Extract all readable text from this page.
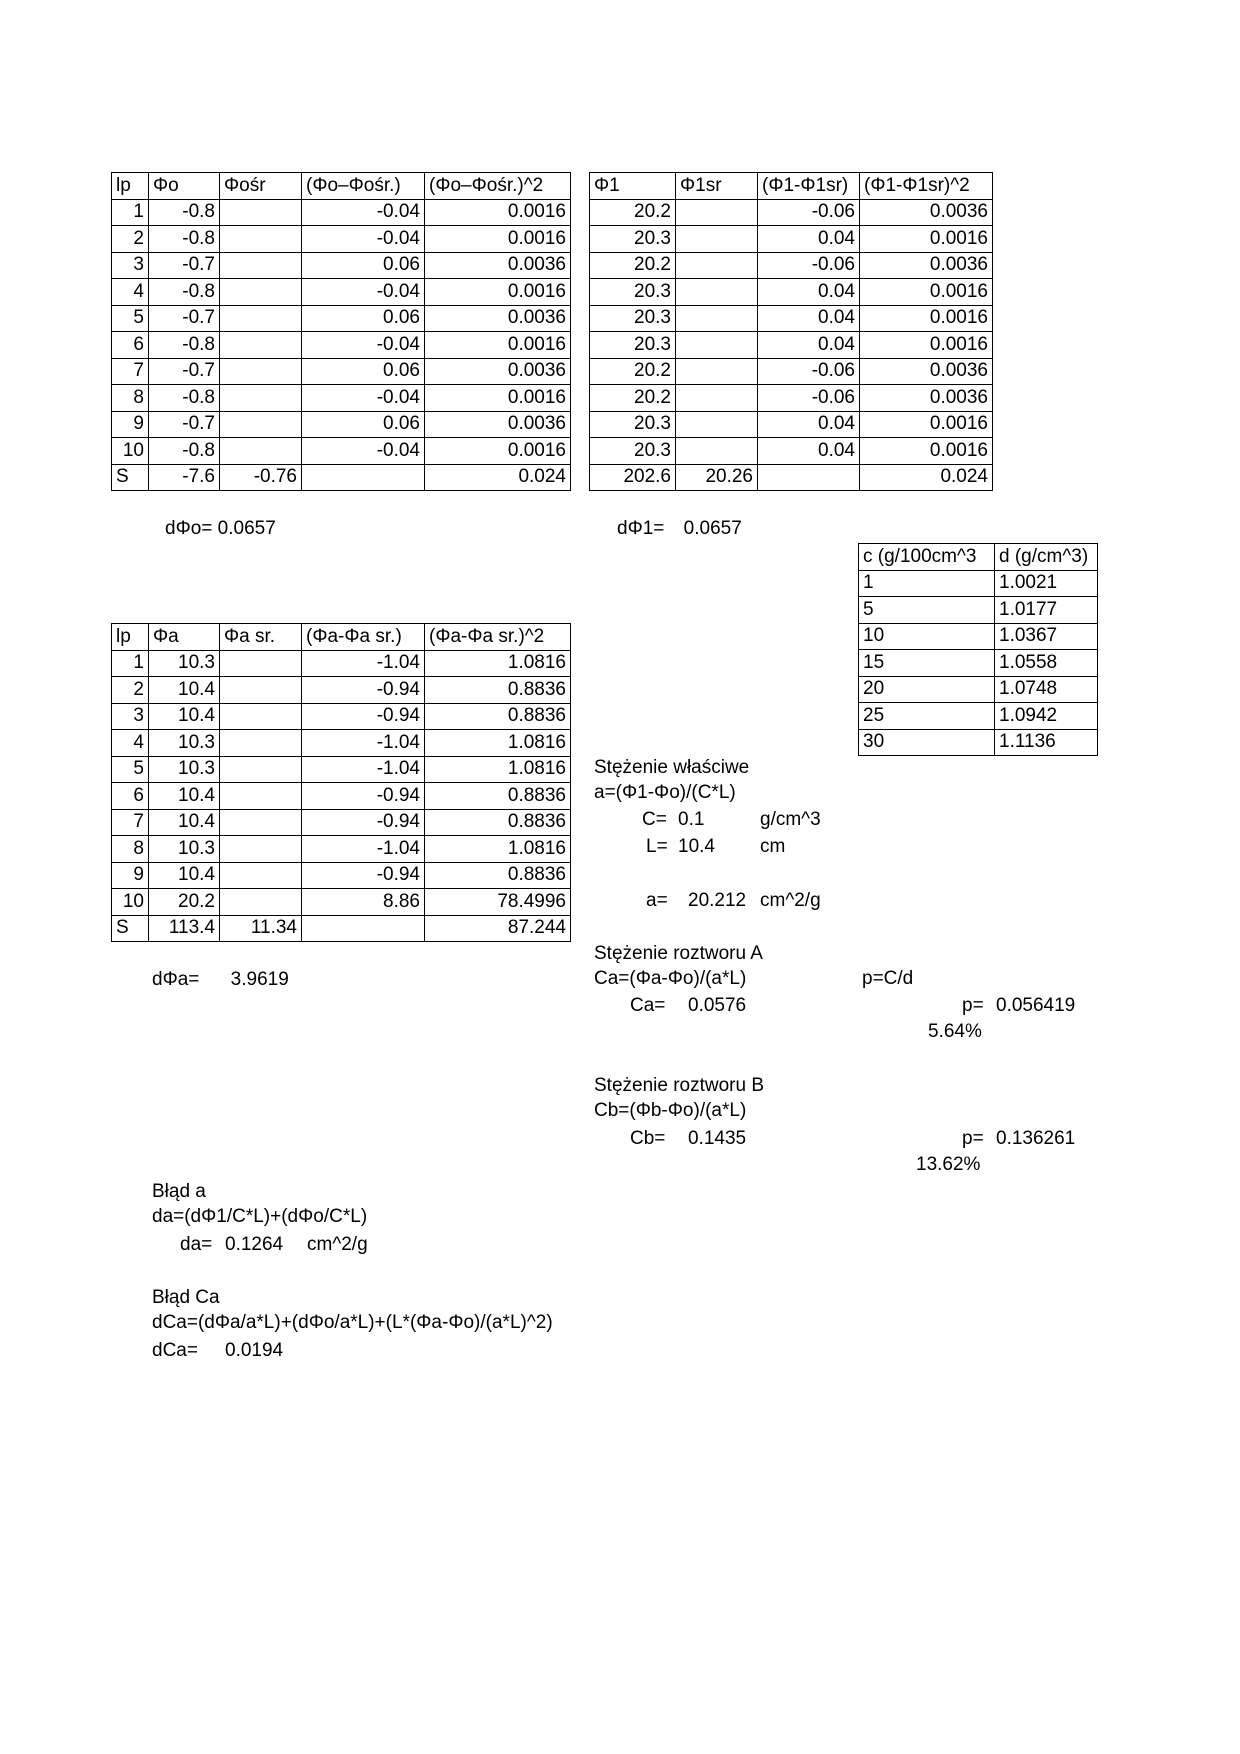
lp	Φo	Φośr	(Φo–Φośr.)	(Φo–Φośr.)^2
1	-0.8		-0.04	0.0016
2	-0.8		-0.04	0.0016
3	-0.7		0.06	0.0036
4	-0.8		-0.04	0.0016
5	-0.7		0.06	0.0036
6	-0.8		-0.04	0.0016
7	-0.7		0.06	0.0036
8	-0.8		-0.04	0.0016
9	-0.7		0.06	0.0036
10	-0.8		-0.04	0.0016
S	-7.6	-0.76		0.024
Φ1	Φ1sr	(Φ1-Φ1sr)	(Φ1-Φ1sr)^2
20.2		-0.06	0.0036
20.3		0.04	0.0016
20.2		-0.06	0.0036
20.3		0.04	0.0016
20.3		0.04	0.0016
20.3		0.04	0.0016
20.2		-0.06	0.0036
20.2		-0.06	0.0036
20.3		0.04	0.0016
20.3		0.04	0.0016
202.6	20.26		0.024
dΦo= 0.0657	dΦ1= 0.0657
c (g/100cm^3	d (g/cm^3)
1	1.0021
5	1.0177
10	1.0367
15	1.0558
20	1.0748
25	1.0942
30	1.1136
lp	Φa	Φa sr.	(Φa-Φa sr.)	(Φa-Φa sr.)^2
1	10.3		-1.04	1.0816
2	10.4		-0.94	0.8836
3	10.4		-0.94	0.8836
4	10.3		-1.04	1.0816
5	10.3		-1.04	1.0816
6	10.4		-0.94	0.8836
7	10.4		-0.94	0.8836
8	10.3		-1.04	1.0816
9	10.4		-0.94	0.8836
10	20.2		8.86	78.4996
S	113.4	11.34		87.244
dΦa= 3.9619
Stężenie właściwe
a=(Φ1-Φo)/(C*L)
C= 0.1	g/cm^3
L= 10.4 cm
a= 20.212 cm^2/g
Stężenie roztworu A
Ca=(Φa-Φo)/(a*L)	p=C/d
Ca= 0.0576	p= 0.056419
5.64%
Stężenie roztworu B
Cb=(Φb-Φo)/(a*L)
Cb= 0.1435	p= 0.136261
13.62%
Błąd a
da=(dΦ1/C*L)+(dΦo/C*L)
da= 0.1264 cm^2/g
Błąd Ca
dCa=(dΦa/a*L)+(dΦo/a*L)+(L*(Φa-Φo)/(a*L)^2)
dCa= 0.0194
